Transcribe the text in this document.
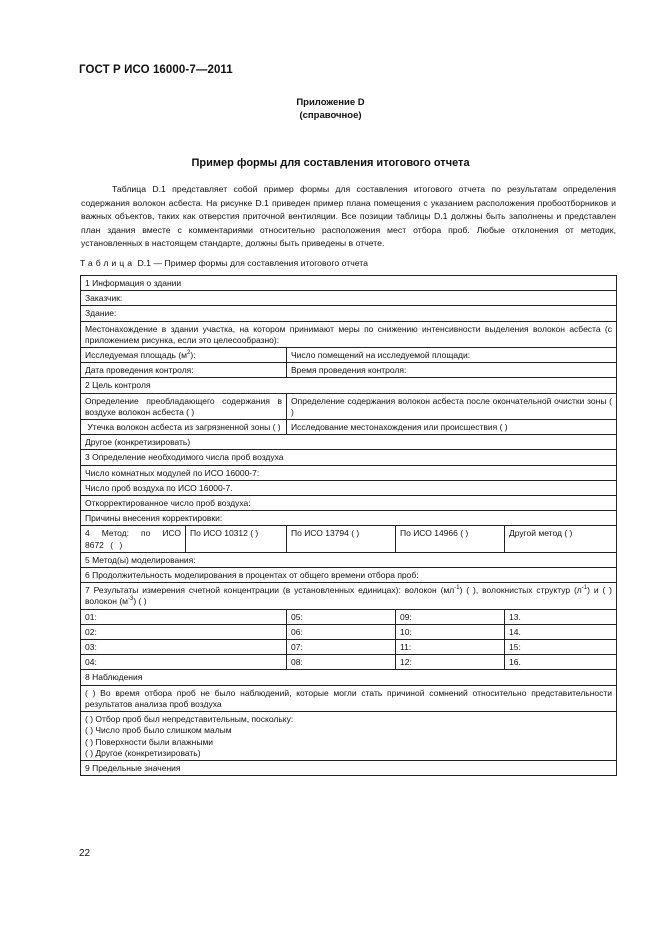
ГОСТ Р ИСО 16000-7—2011
Приложение D
(справочное)
Пример формы для составления итогового отчета

Таблица D.1 представляет собой пример формы для составления итогового отчета по результатам определения содержания волокон асбеста. На рисунке D.1 приведен пример плана помещения с указанием расположения пробоотборников и важных объектов, таких как отверстия приточной вентиляции. Все позиции таблицы D.1 должны быть заполнены и представлен план здания вместе с комментариями относительно расположения мест отбора проб. Любые отклонения от методик, установленных в настоящем стандарте, должны быть приведены в отчете.

Таблица D.1 — Пример формы для составления итогового отчета
1 Информация о здании				
Заказчик:				
Здание:				
Местонахождение в здании участка, на котором принимают меры по снижению интенсивности выделения волокон асбеста (с приложением рисунка, если это целесообразно):				
Исследуемая площадь $(м^2)$:		Число помещений на исследуемой площади:		
Дата проведения контроля:		Время проведения контроля:		
2 Цель контроля				
Определение преобладающего содержания в воздухе волокон асбеста ( )		Определение содержания волокон асбеста после окончательной очистки зоны ( )		
Утечка волокон асбеста из загрязненной зоны ( )		Исследование местонахождения или происшествия ( )		
Другое (конкретизировать)				
3 Определение необходимого числа проб воздуха				
Число комнатных модулей по ИСО 16000-7:				
Число проб воздуха по ИСО 16000-7.				
Откорректированное число проб воздуха:				
Причины внесения корректировки:				
4 Метод: по ИСО 8672 ( )	По ИСО 10312 ( )	По ИСО 13794 ( )	По ИСО 14966 ( )	Другой метод ( )
5 Метод(ы) моделирования:				
6 Продолжительность моделирования в процентах от общего времени отбора проб:				
7 Результаты измерения счетной концентрации (в установленных единицах): волокон $(мл^{-1})$ ( ), волокнистых структур $(л^{-1})$ и ( ) волокон $(м^{-3})$ ( )				
01:		05:	09:	13.
02:		06:	10:	14.
03:		07:	11:	15:
04:		08:	12:	16.
8 Наблюдения				
( ) Во время отбора проб не было наблюдений, которые могли стать причиной сомнений относительно представительности результатов анализа проб воздуха				

( ) Отбор проб был непредставительным, поскольку:
( ) Число проб было слишком малым
( ) Поверхности были влажными
( ) Другое (конкретизировать)				

9 Предельные значения				
22
